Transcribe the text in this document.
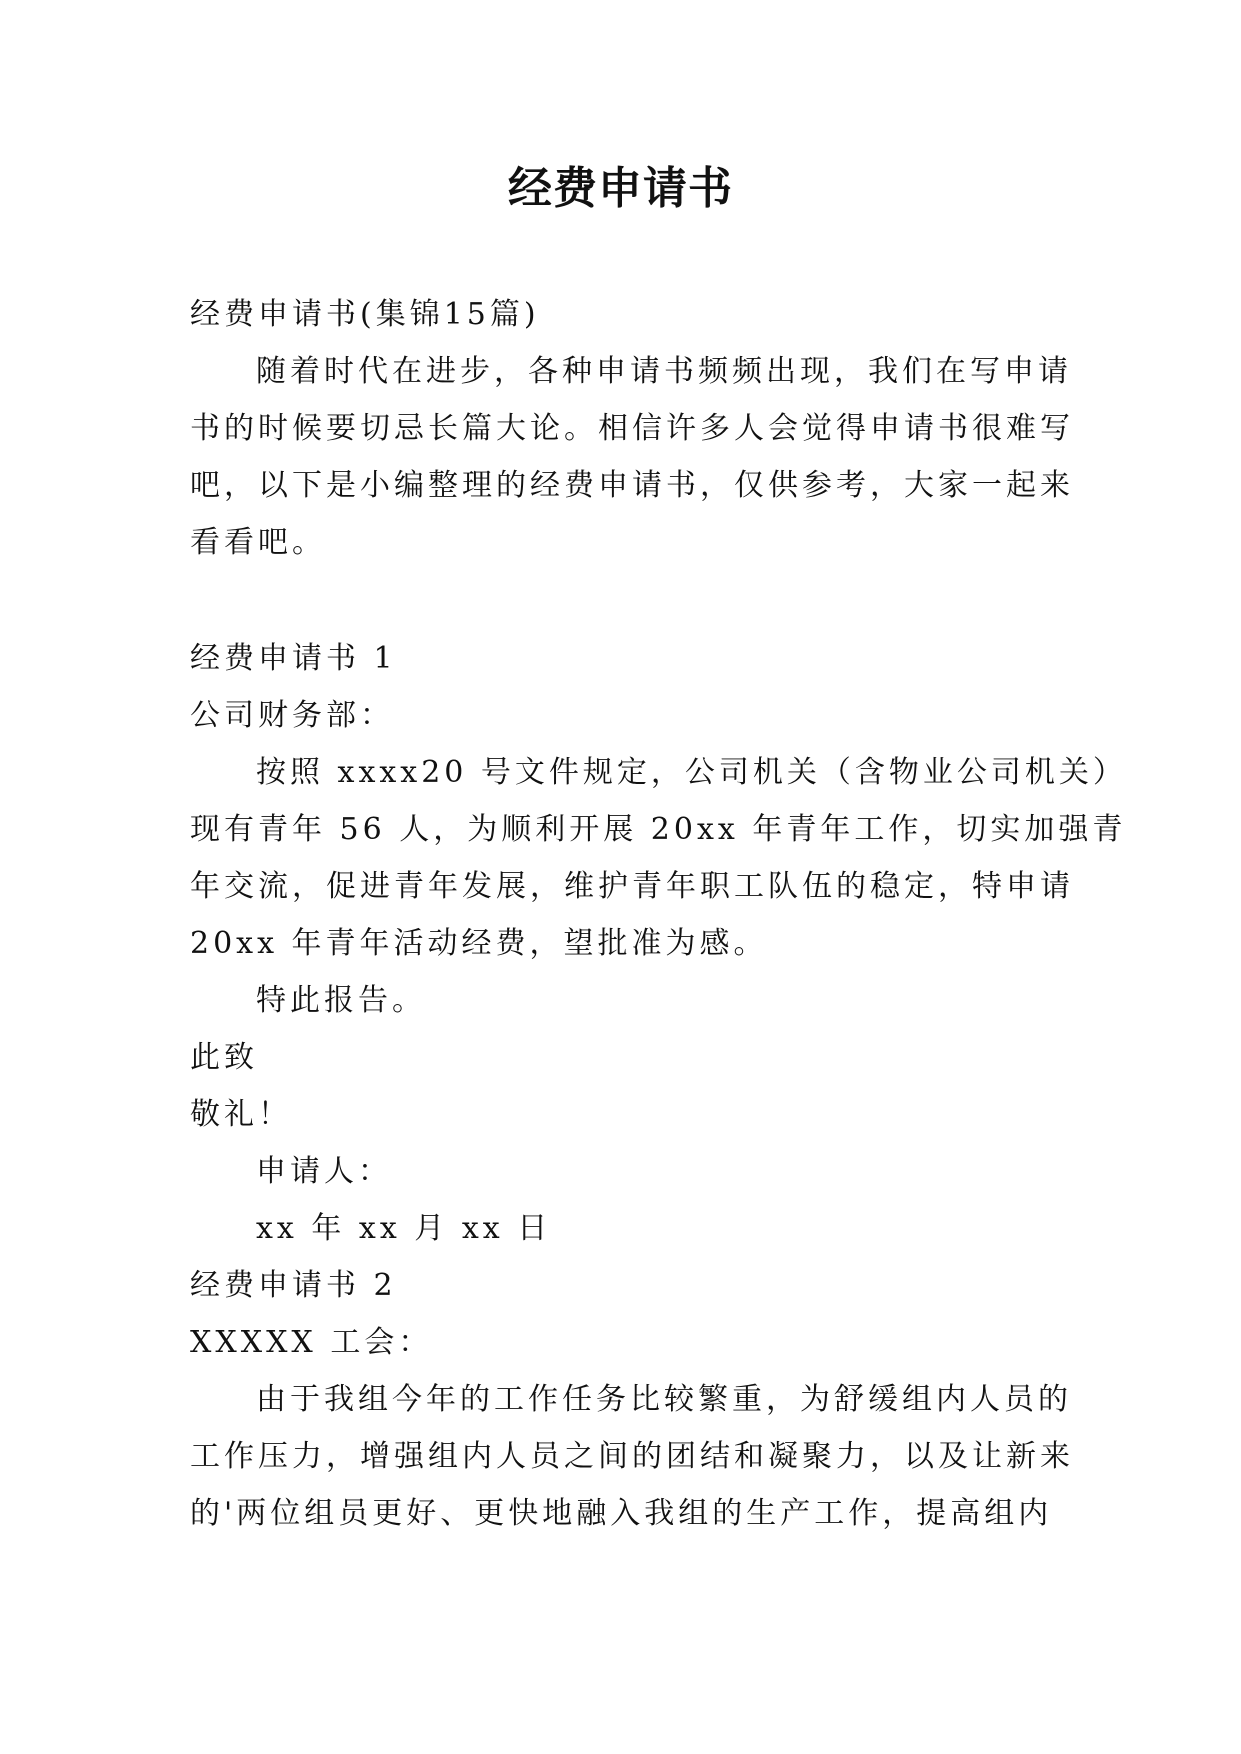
经费申请书

经费申请书(集锦15篇)

随着时代在进步，各种申请书频频出现，我们在写申请

书的时候要切忌长篇大论。相信许多人会觉得申请书很难写

吧，以下是小编整理的经费申请书，仅供参考，大家一起来

看看吧。

经费申请书 1

公司财务部：

按照 xxxx20 号文件规定，公司机关（含物业公司机关）

现有青年 56 人，为顺利开展 20xx 年青年工作，切实加强青

年交流，促进青年发展，维护青年职工队伍的稳定，特申请

20xx 年青年活动经费，望批准为感。

特此报告。

此致

敬礼！

申请人：

xx 年 xx 月 xx 日

经费申请书 2

XXXXX 工会：

由于我组今年的工作任务比较繁重，为舒缓组内人员的

工作压力，增强组内人员之间的团结和凝聚力，以及让新来

的'两位组员更好、更快地融入我组的生产工作，提高组内
